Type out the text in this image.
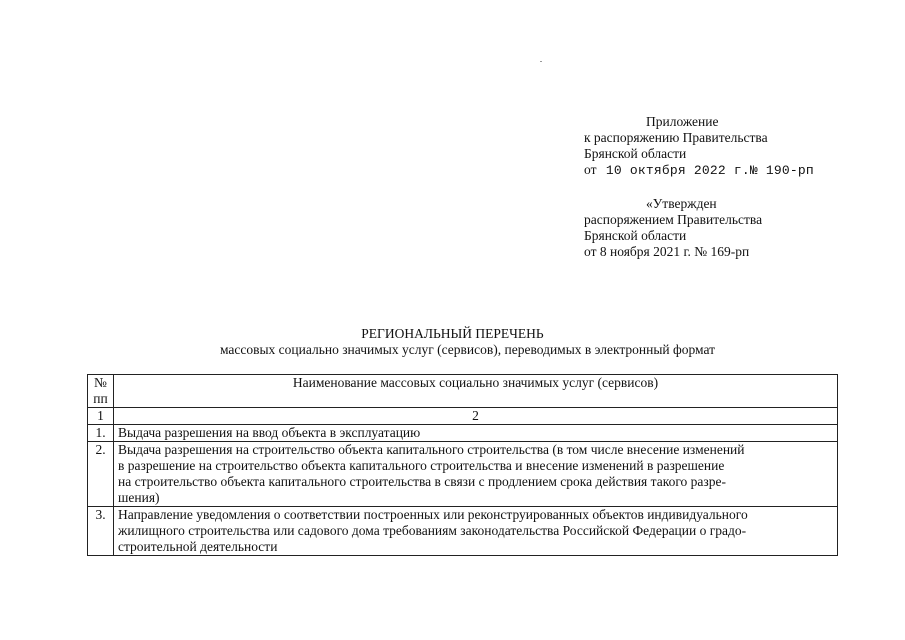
Приложение
к распоряжению Правительства
Брянской области
от 10 октября 2022 г.№ 190-рп
«Утвержден
распоряжением Правительства
Брянской области
от 8 ноября 2021 г. № 169-рп
РЕГИОНАЛЬНЫЙ ПЕРЕЧЕНЬ
массовых социально значимых услуг (сервисов), переводимых в электронный формат
№
пп	Наименование массовых социально значимых услуг (сервисов)
1	2
1.	Выдача разрешения на ввод объекта в эксплуатацию

2.	Выдача разрешения на строительство объекта капитального строительства (в том числе внесение изменений
в разрешение на строительство объекта капитального строительства и внесение изменений в разрешение
на строительство объекта капитального строительства в связи с продлением срока действия такого разре-
шения)

3.	Направление уведомления о соответствии построенных или реконструированных объектов индивидуального
жилищного строительства или садового дома требованиям законодательства Российской Федерации о градо-
строительной деятельности
